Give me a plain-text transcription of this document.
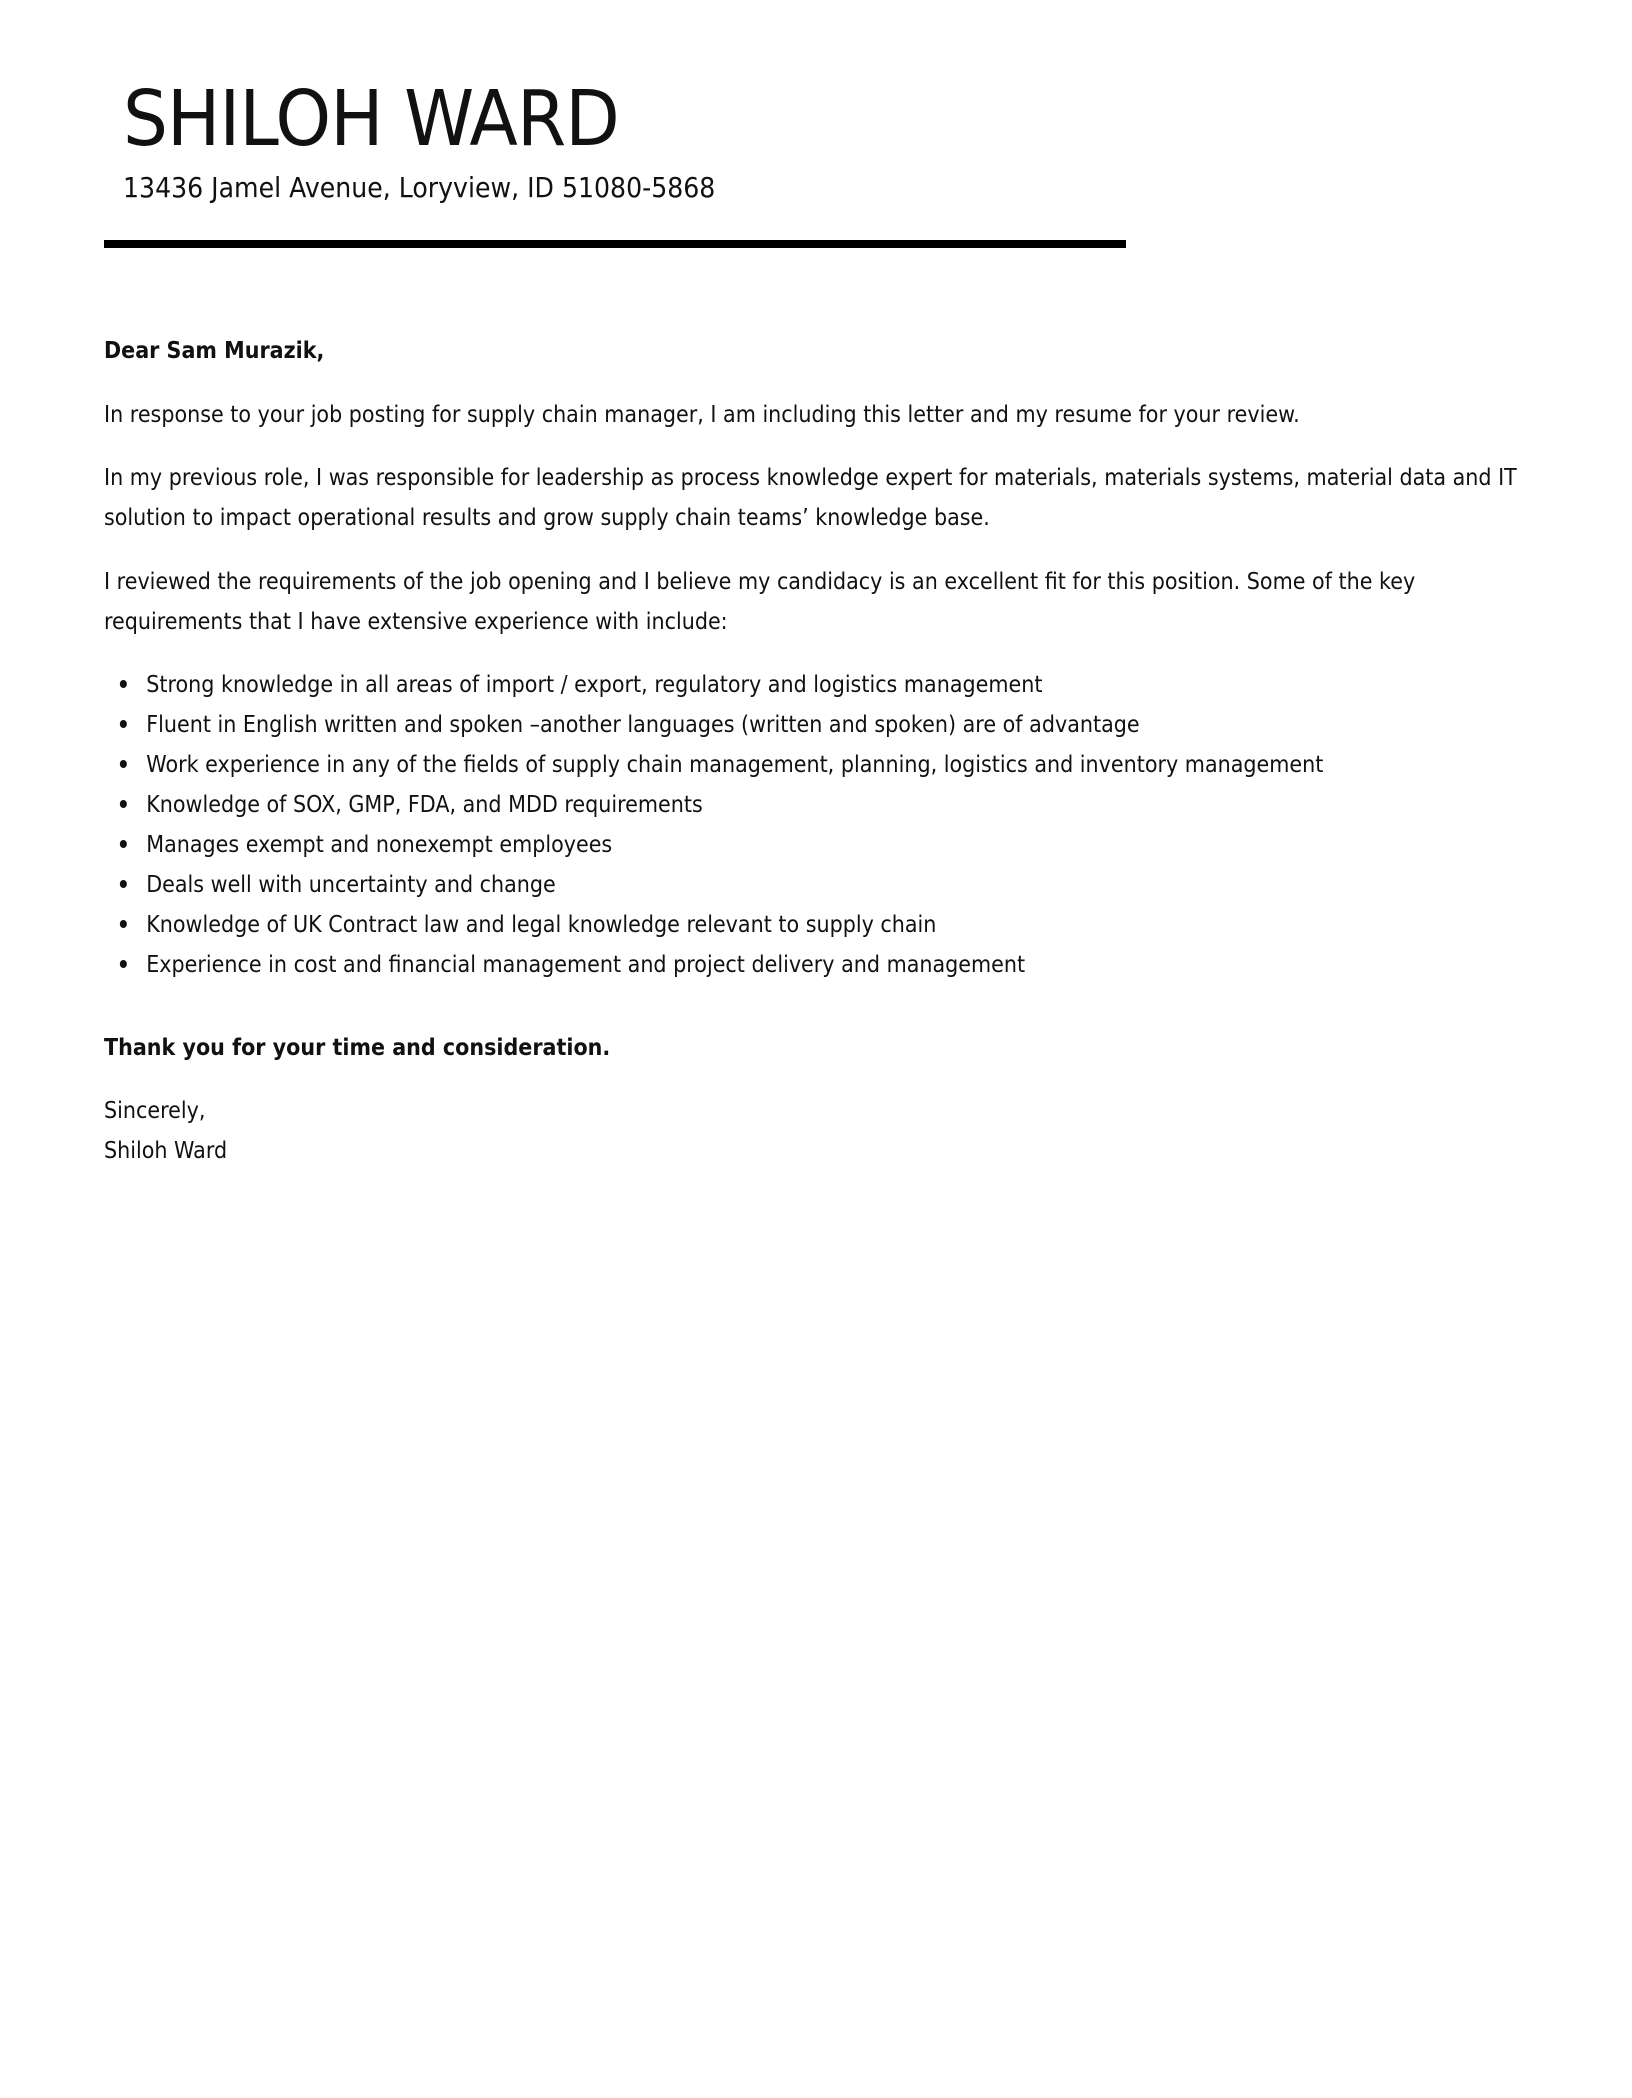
SHILOH WARD
13436 Jamel Avenue, Loryview, ID 51080-5868
Dear Sam Murazik,

In response to your job posting for supply chain manager, I am including this letter and my resume for your review.

In my previous role, I was responsible for leadership as process knowledge expert for materials, materials systems, material data and IT solution to impact operational results and grow supply chain teams’ knowledge base.

I reviewed the requirements of the job opening and I believe my candidacy is an excellent fit for this position. Some of the key requirements that I have extensive experience with include:

Strong knowledge in all areas of import / export, regulatory and logistics management
Fluent in English written and spoken –another languages (written and spoken) are of advantage
Work experience in any of the fields of supply chain management, planning, logistics and inventory management
Knowledge of SOX, GMP, FDA, and MDD requirements
Manages exempt and nonexempt employees
Deals well with uncertainty and change
Knowledge of UK Contract law and legal knowledge relevant to supply chain
Experience in cost and financial management and project delivery and management
Thank you for your time and consideration.
Sincerely,
Shiloh Ward
